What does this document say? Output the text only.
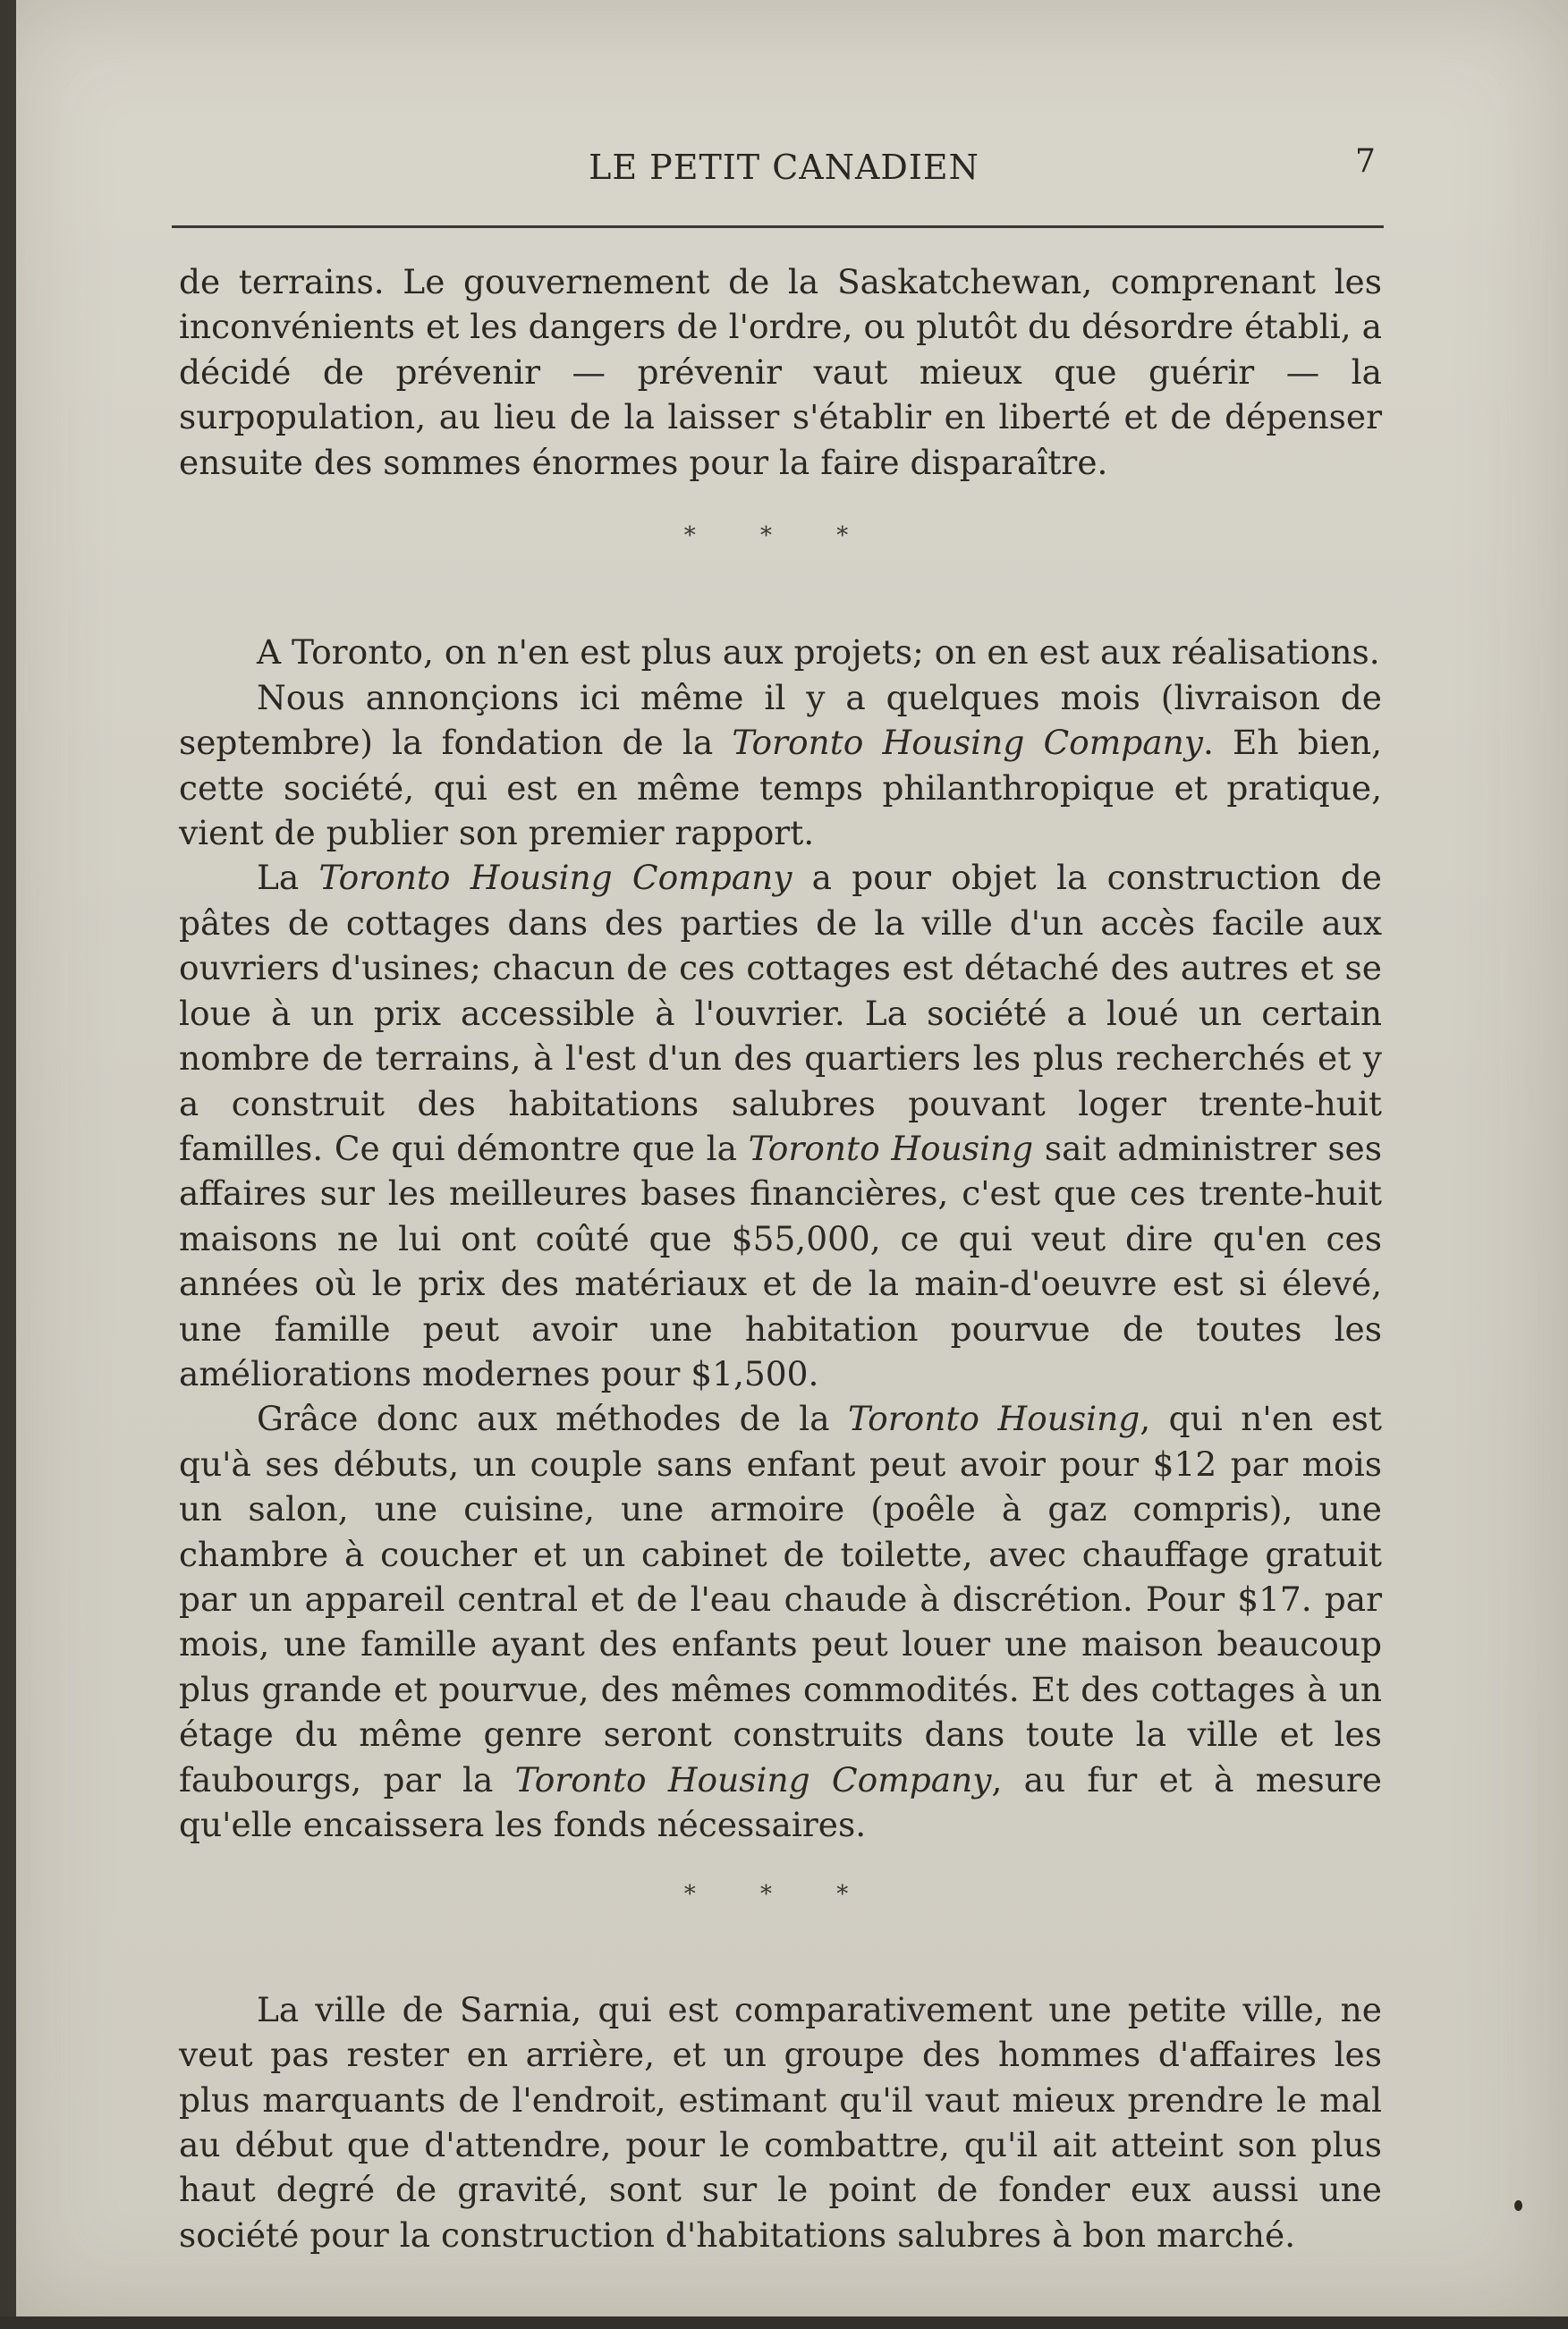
LE PETIT CANADIEN	7

de terrains. Le gouvernement de la Saskatchewan, comprenant les inconvénients et les dangers de l'ordre, ou plutôt du désordre établi, a décidé de prévenir — prévenir vaut mieux que guérir — la surpopulation, au lieu de la laisser s'établir en liberté et de dépenser ensuite des sommes énormes pour la faire disparaître.

* * *

A Toronto, on n'en est plus aux projets; on en est aux réalisations.

Nous annonçions ici même il y a quelques mois (livraison de septembre) la fondation de la Toronto Housing Company. Eh bien, cette société, qui est en même temps philanthropique et pratique, vient de publier son premier rapport.

La Toronto Housing Company a pour objet la construction de pâtes de cottages dans des parties de la ville d'un accès facile aux ouvriers d'usines; chacun de ces cottages est détaché des autres et se loue à un prix accessible à l'ouvrier. La société a loué un certain nombre de terrains, à l'est d'un des quartiers les plus recherchés et y a construit des habitations salubres pouvant loger trente-huit familles. Ce qui démontre que la Toronto Housing sait administrer ses affaires sur les meilleures bases financières, c'est que ces trente-huit maisons ne lui ont coûté que $55,000, ce qui veut dire qu'en ces années où le prix des matériaux et de la main-d'oeuvre est si élevé, une famille peut avoir une habitation pourvue de toutes les améliorations modernes pour $1,500.

Grâce donc aux méthodes de la Toronto Housing, qui n'en est qu'à ses débuts, un couple sans enfant peut avoir pour $12 par mois un salon, une cuisine, une armoire (poêle à gaz compris), une chambre à coucher et un cabinet de toilette, avec chauffage gratuit par un appareil central et de l'eau chaude à discrétion. Pour $17. par mois, une famille ayant des enfants peut louer une maison beaucoup plus grande et pourvue, des mêmes commodités. Et des cottages à un étage du même genre seront construits dans toute la ville et les faubourgs, par la Toronto Housing Company, au fur et à mesure qu'elle encaissera les fonds nécessaires.

* * *

La ville de Sarnia, qui est comparativement une petite ville, ne veut pas rester en arrière, et un groupe des hommes d'affaires les plus marquants de l'endroit, estimant qu'il vaut mieux prendre le mal au début que d'attendre, pour le combattre, qu'il ait atteint son plus haut degré de gravité, sont sur le point de fonder eux aussi une société pour la construction d'habitations salubres à bon marché.
